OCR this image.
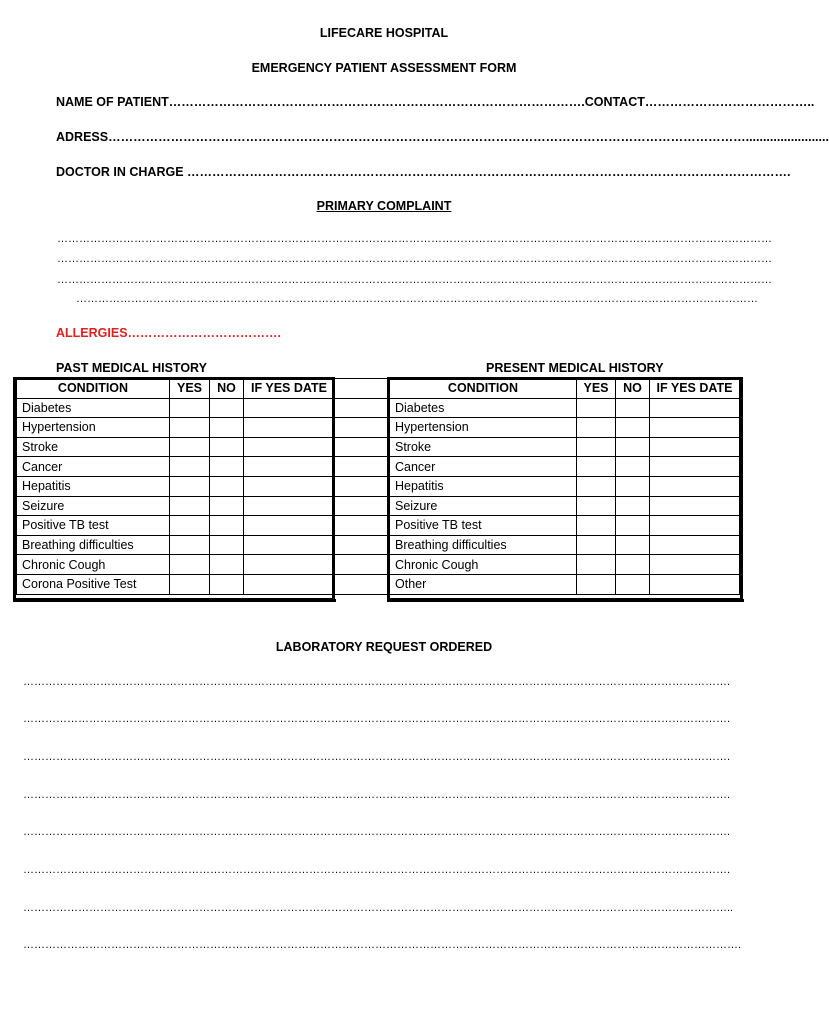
LIFECARE HOSPITAL
EMERGENCY PATIENT ASSESSMENT FORM
NAME OF PATIENT……………………………………………………………………………………….CONTACT…………………………………..
ADRESS………………………………………………………………………………………………………………………………………........................
DOCTOR IN CHARGE ……………………………………………………………………………………………………………………………….
PRIMARY COMPLAINT
……………………………………………………………………………………………………………………………………………………………………………
……………………………………………………………………………………………………………………………………………………………………………
……………………………………………………………………………………………………………………………………………………………………………
……………………………………………………………………………………………………………………………………………………………………
ALLERGIES……………………………….
PAST MEDICAL HISTORY	PRESENT MEDICAL HISTORY
CONDITION	YES	NO	IF YES DATE
Diabetes			
Hypertension			
Stroke			
Cancer			
Hepatitis			
Seizure			
Positive TB test			
Breathing difficulties			
Chronic Cough			
Corona Positive Test			

CONDITION	YES	NO	IF YES DATE
Diabetes			
Hypertension			
Stroke			
Cancer			
Hepatitis			
Seizure			
Positive TB test			
Breathing difficulties			
Chronic Cough			
Other			
LABORATORY REQUEST ORDERED
………………………………………………………………………………………………………………………………………………………………………….
………………………………………………………………………………………………………………………………………………………………………….
………………………………………………………………………………………………………………………………………………………………………….
………………………………………………………………………………………………………………………………………………………………………….
………………………………………………………………………………………………………………………………………………………………………….
………………………………………………………………………………………………………………………………………………………………………….
…………………………………………………………………………………………………………………………………………………………………………..
…………………………………………………………………………………………………………………………………………………………………………….
